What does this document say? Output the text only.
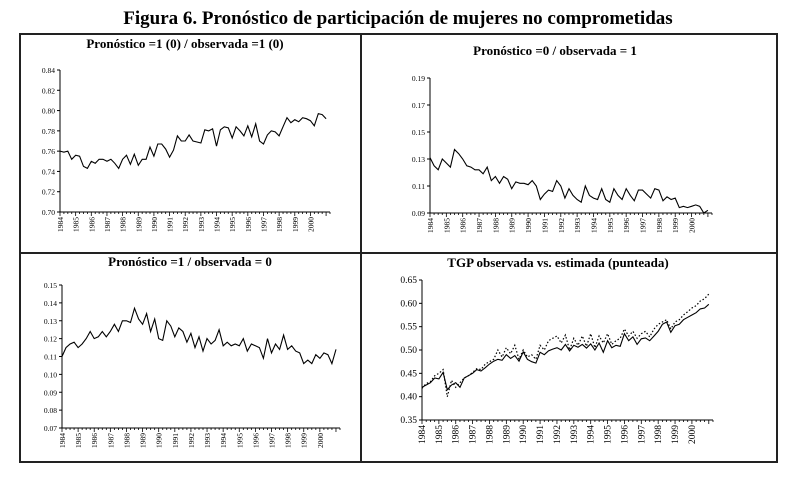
Figura 6. Pronóstico de participación de mujeres no comprometidas
Pronóstico =1 (0) / observada =1 (0)
0.70
0.72
0.74
0.76
0.78
0.80
0.82
0.84
1984 1985 1986 1987 1988 1989 1990 1991 1992 1993 1994 1995 1996 1997 1998 1999 2000
Pronóstico =0 / observada = 1
0.09
0.11
0.13
0.15
0.17
0.19
1984 1985 1986 1987 1988 1989 1990 1991 1992 1993 1994 1995 1996 1997 1998 1999 2000
Pronóstico =1 / observada = 0
0.07
0.08
0.09
0.10
0.11
0.12
0.13
0.14
0.15
1984 1985 1986 1987 1988 1989 1990 1991 1992 1993 1994 1995 1996 1997 1998 1999 2000
TGP observada vs. estimada (punteada)
0.35
0.40
0.45
0.50
0.55
0.60
0.65
1984 1985 1986 1987 1988 1989 1990 1991 1992 1993 1994 1995 1996 1997 1998 1999 2000
